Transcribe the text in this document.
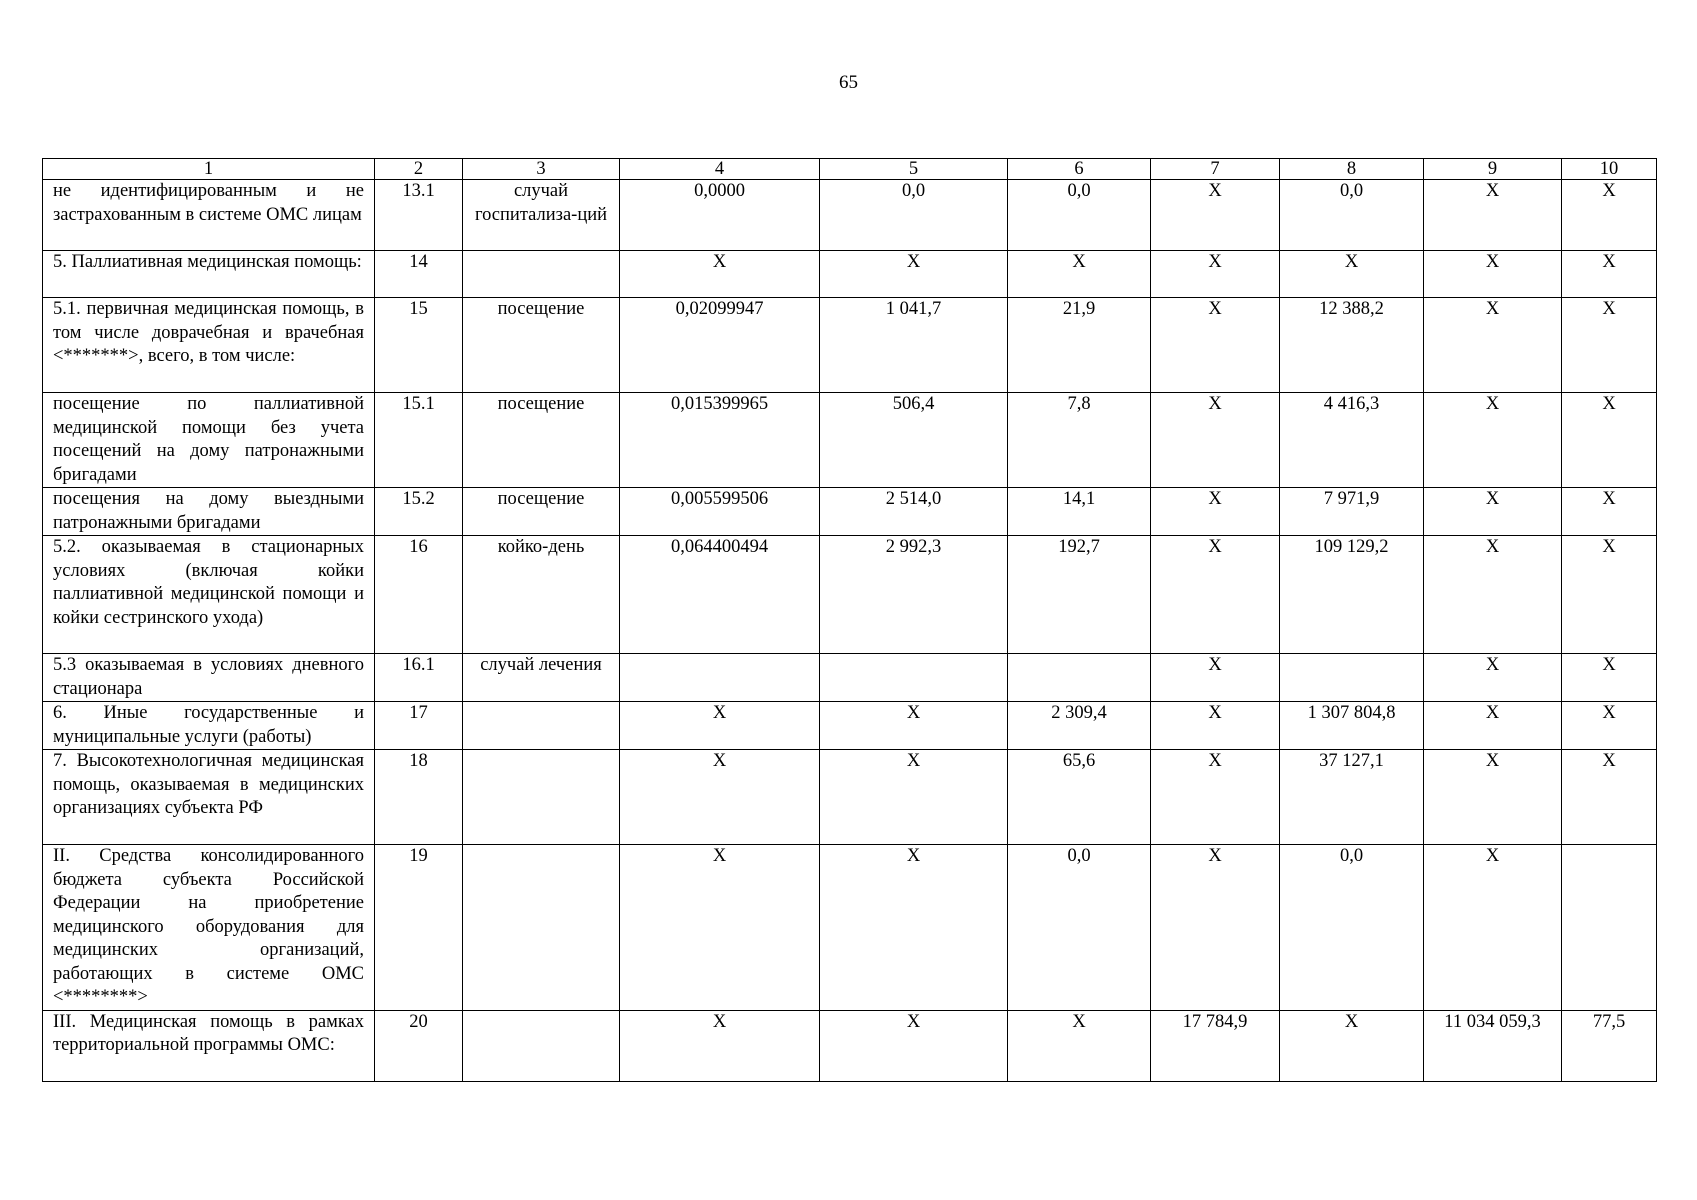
65
1	2	3	4	5	6	7	8	9	10
не идентифицированным и не застрахованным в системе ОМС лицам	13.1	случай госпитализа-ций	0,0000	0,0	0,0	Х	0,0	Х	Х
5. Паллиативная медицинская помощь:	14		Х	Х	Х	Х	Х	Х	Х
5.1. первичная медицинская помощь, в том числе доврачебная и врачебная <*******>, всего, в том числе:	15	посещение	0,02099947	1 041,7	21,9	Х	12 388,2	Х	Х
посещение по паллиативной медицинской помощи без учета посещений на дому патронажными бригадами	15.1	посещение	0,015399965	506,4	7,8	Х	4 416,3	Х	Х
посещения на дому выездными патронажными бригадами	15.2	посещение	0,005599506	2 514,0	14,1	Х	7 971,9	Х	Х
5.2. оказываемая в стационарных условиях (включая койки паллиативной медицинской помощи и койки сестринского ухода)	16	койко-день	0,064400494	2 992,3	192,7	Х	109 129,2	Х	Х
5.3 оказываемая в условиях дневного стационара	16.1	случай лечения				Х		Х	Х
6. Иные государственные и муниципальные услуги (работы)	17		Х	Х	2 309,4	Х	1 307 804,8	Х	Х
7. Высокотехнологичная медицинская помощь, оказываемая в медицинских организациях субъекта РФ	18		Х	Х	65,6	Х	37 127,1	Х	Х
II. Средства консолидированного бюджета субъекта Российской Федерации на приобретение медицинского оборудования для медицинских организаций, работающих в системе ОМС <********>	19		Х	Х	0,0	Х	0,0	Х	
III. Медицинская помощь в рамках территориальной программы ОМС:	20		Х	Х	Х	17 784,9	Х	11 034 059,3	77,5
